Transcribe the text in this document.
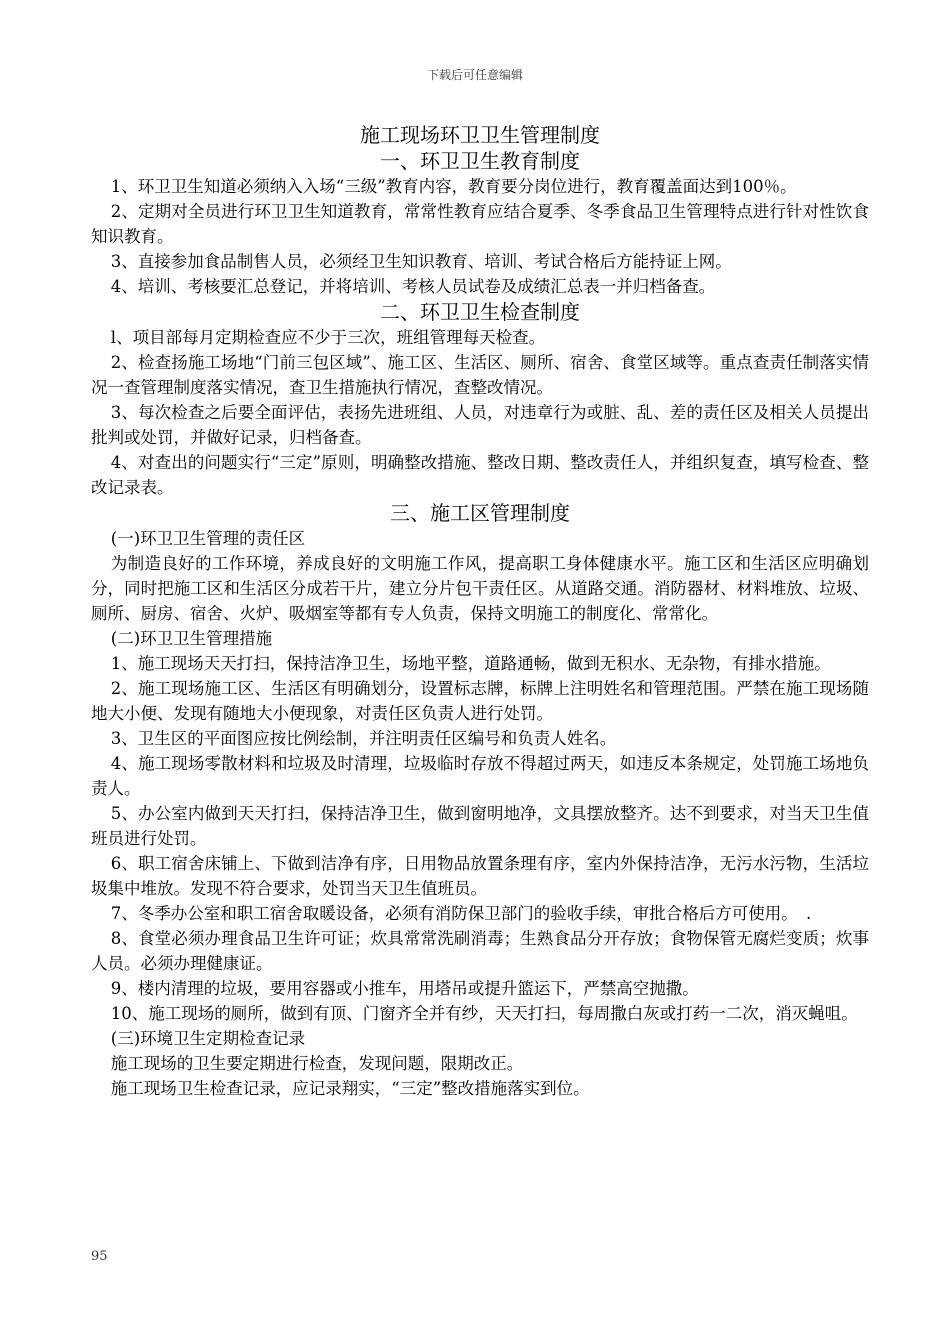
下载后可任意编辑
施工现场环卫卫生管理制度
一、环卫卫生教育制度

1、环卫卫生知道必须纳入入场“三级”教育内容，教育要分岗位进行，教育覆盖面达到100％。

2、定期对全员进行环卫卫生知道教育，常常性教育应结合夏季、冬季食品卫生管理特点进行针对性饮食知识教育。

3、直接参加食品制售人员，必须经卫生知识教育、培训、考试合格后方能持证上网。

4、培训、考核要汇总登记，并将培训、考核人员试卷及成绩汇总表一并归档备查。

二、环卫卫生检查制度

l、项目部每月定期检查应不少于三次，班组管理每天检查。

2、检查扬施工场地“门前三包区域”、施工区、生活区、厕所、宿舍、食堂区域等。重点查责任制落实情况一查管理制度落实情况，查卫生措施执行情况，查整改情况。

3、每次检查之后要全面评估，表扬先进班组、人员，对违章行为或脏、乱、差的责任区及相关人员提出批判或处罚，并做好记录，归档备查。

4、对查出的问题实行“三定”原则，明确整改措施、整改日期、整改责任人，并组织复查，填写检查、整改记录表。

三、施工区管理制度

(一)环卫卫生管理的责任区

为制造良好的工作环境，养成良好的文明施工作风，提高职工身体健康水平。施工区和生活区应明确划分，同时把施工区和生活区分成若干片，建立分片包干责任区。从道路交通。消防器材、材料堆放、垃圾、厕所、厨房、宿舍、火炉、吸烟室等都有专人负责，保持文明施工的制度化、常常化。

(二)环卫卫生管理措施

1、施工现场天天打扫，保持洁净卫生，场地平整，道路通畅，做到无积水、无杂物，有排水措施。

2、施工现场施工区、生活区有明确划分，设置标志牌，标牌上注明姓名和管理范围。严禁在施工现场随地大小便、发现有随地大小便现象，对责任区负责人进行处罚。

3、卫生区的平面图应按比例绘制，并注明责任区编号和负责人姓名。

4、施工现场零散材料和垃圾及时清理，垃圾临时存放不得超过两天，如违反本条规定，处罚施工场地负责人。

5、办公室内做到天天打扫，保持洁净卫生，做到窗明地净，文具摆放整齐。达不到要求，对当天卫生值班员进行处罚。

6、职工宿舍床铺上、下做到洁净有序，日用物品放置条理有序，室内外保持洁净，无污水污物，生活垃圾集中堆放。发现不符合要求，处罚当天卫生值班员。

7、冬季办公室和职工宿舍取暖设备，必须有消防保卫部门的验收手续，审批合格后方可使用。　.

8、食堂必须办理食品卫生许可证；炊具常常洗刷消毒；生熟食品分开存放；食物保管无腐烂变质；炊事人员。必须办理健康证。

9、楼内清理的垃圾，要用容器或小推车，用塔吊或提升篮运下，严禁高空抛撒。

10、施工现场的厕所，做到有顶、门窗齐全并有纱，天天打扫，每周撒白灰或打药一二次，消灭蝇咀。

(三)环境卫生定期检查记录

施工现场的卫生要定期进行检查，发现问题，限期改正。

施工现场卫生检查记录，应记录翔实，“三定”整改措施落实到位。

95
